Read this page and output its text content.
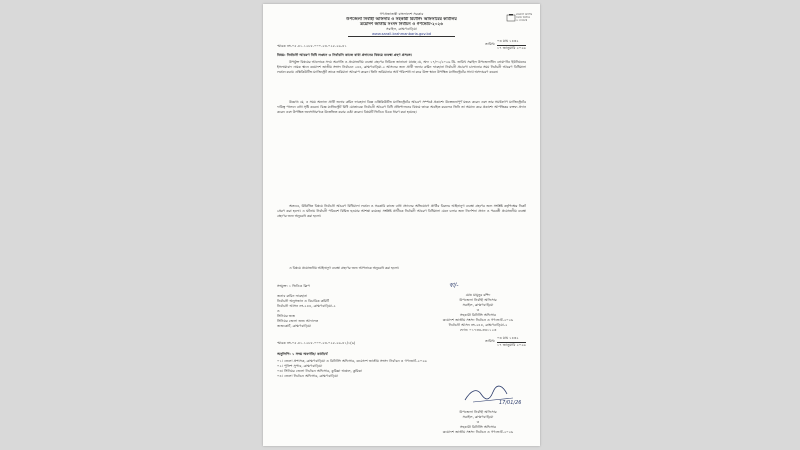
ত্রয়োদশ জাতীয়
সংসদ নির্বাচন
ও গণভোট
গণপ্রজাতন্ত্রী বাংলাদেশ সরকার
উপজেলা নির্বাহী অফিসার ও সহকারী রিটার্নিং অফিসারের কার্যালয়
ত্রয়োদশ জাতীয় সংসদ নির্বাচন ও গণভোট-২০২৬
সরাইল, ব্রাহ্মণবাড়িয়া
www.sarail.brahmanbaria.gov.bd
স্মারক নং-০৫.৪১.১২৮৫.০০০.২৩.০২৫.২৬-৪১	তারিখ:
০৩ মাঘ ১৪৩২
১৭ জানুয়ারি ২০২৬
বিষয়: নির্বাচনী আচরণ বিধি লঙ্ঘন ও নির্বাচনি কাজে বাধা প্রদানের বিষয়ে ব্যবস্থা গ্রহণ প্রসঙ্গে।
উপর্যুক্ত বিষয়ের আলোকে সদয় অবগতি ও প্রয়োজনীয় ব্যবস্থা গ্রহণের নিমিত্তে জানানো যাচ্ছে যে, অদ্য ১৭/০১/২০২৬ খ্রি. তারিখ সরাইল উপজেলাধীন নোয়াগাঁও ইউনিয়নের ইসলামাবাদ নামক স্থানে ত্রয়োদশ জাতীয় সংসদ নির্বাচনে ২৪৪, ব্রাহ্মণবাড়িয়া-২ আসনের জন্য প্রার্থী জনাব রুমিন ফারহানা নির্বাচনী প্রচারণা চালানোর সময় নির্বাচনী আচরণ বিধিমালা লঙ্ঘন করায় এক্সিকিউটিভ ম্যাজিস্ট্রেট তাকে জরিমানা আরোপ করেন। তিনি জরিমানার অর্থ পরিশোধ না করে উক্ত স্থানে উপস্থিত ম্যাজিস্ট্রেটের সাথে অসদাচরণ করেন।
উল্লেখ্য যে, এ সময় অন্যান্য প্রার্থী জনাব রুমিন ফারহানা বিজ্ঞ এক্সিকিউটিভ ম্যাজিস্ট্রেটের আচরণ সম্পর্কে প্রকাশ্যে উত্তেজনাপূর্ণ মন্তব্য করেন এবং তার সমর্থকগণ ম্যাজিস্ট্রেটের দায়িত্ব পালনে বাধা সৃষ্টি করেন। বিজ্ঞ ম্যাজিস্ট্রেট বিধি মোতাবেক নির্বাচনী আচরণ বিধি প্রতিপালনের বিষয়ে তাকে অবহিত করলেও তিনি তা অমান্য করে প্রকাশ্যে আপত্তিকর বক্তব্য প্রদান করেন এবং উপস্থিত জনসাধারণকে উত্তেজিত করার চেষ্টা করেন। বিষয়টি ভিডিও চিত্রে ধারণ করা হয়েছে।
অতএব, উল্লিখিত বিষয়ে নির্বাচনী আচরণ বিধিমালা লঙ্ঘন ও সরকারি কাজে বাধা প্রদানের অভিযোগে প্রার্থীর বিরুদ্ধে আইনানুগ ব্যবস্থা গ্রহণের জন্য সংশ্লিষ্ট কর্তৃপক্ষের নিকট প্রেরণ করা হলো। এ ঘটনায় নির্বাচনী পরিবেশ বিঘ্নিত হওয়ার আশঙ্কা রয়েছে। সংশ্লিষ্ট প্রার্থীকে নির্বাচনী আচরণ বিধিমালা মেনে চলার জন্য নির্দেশনা প্রদান ও পরবর্তী প্রয়োজনীয় ব্যবস্থা গ্রহণের জন্য অনুরোধ করা হলো।
এ বিষয়ে প্রয়োজনীয় আইনানুগ ব্যবস্থা গ্রহণের জন্য আপনাকে অনুরোধ করা হলো।
সংযুক্ত: ১ ভিডিও ক্লিপ	স্বা/-
মোঃ মামুনুর রশিদ
উপজেলা নির্বাহী অফিসার
সরাইল, ব্রাহ্মণবাড়িয়া
ও
সহকারী রিটার্নিং অফিসার
ত্রয়োদশ জাতীয় সংসদ নির্বাচন ও গণভোট-২০২৬
নির্বাচনী আসন নং-২৪৪, ব্রাহ্মণবাড়িয়া-২
ফোন: ০১৭৩৩-৩৩১১২৩
জনাব রুমিন ফারহানা
নির্বাচনী অনুসন্ধান ও বিচারিক কমিটি
নির্বাচনী আসন নং-২৪৪, ব্রাহ্মণবাড়িয়া-২
ও
সিনিয়র জজ
সিনিয়র জেলা জজ আদালত
জজকোর্ট, ব্রাহ্মণবাড়িয়া
স্মারক নং-০৫.৪১.১২৮৫.০০০.২৩.০২৫.২৬-৪১/১(৬)	তারিখ:
০৩ মাঘ ১৪৩২
১৭ জানুয়ারি ২০২৬
অনুলিপি: ১ সদয় অবগতি/ কার্যার্থে
০১। জেলা প্রশাসক, ব্রাহ্মণবাড়িয়া ও রিটার্নিং অফিসার, ত্রয়োদশ জাতীয় সংসদ নির্বাচন ও গণভোট-২০২৬
০২। পুলিশ সুপার, ব্রাহ্মণবাড়িয়া
০৩। সিনিয়র জেলা নির্বাচন অফিসার, কুমিল্লা অঞ্চল, কুমিল্লা
০৪। জেলা নির্বাচন অফিসার, ব্রাহ্মণবাড়িয়া
17/01/26
উপজেলা নির্বাহী অফিসার
সরাইল, ব্রাহ্মণবাড়িয়া
ও
সহকারী রিটার্নিং অফিসার
ত্রয়োদশ জাতীয় সংসদ নির্বাচন ও গণভোট-২০২৬
